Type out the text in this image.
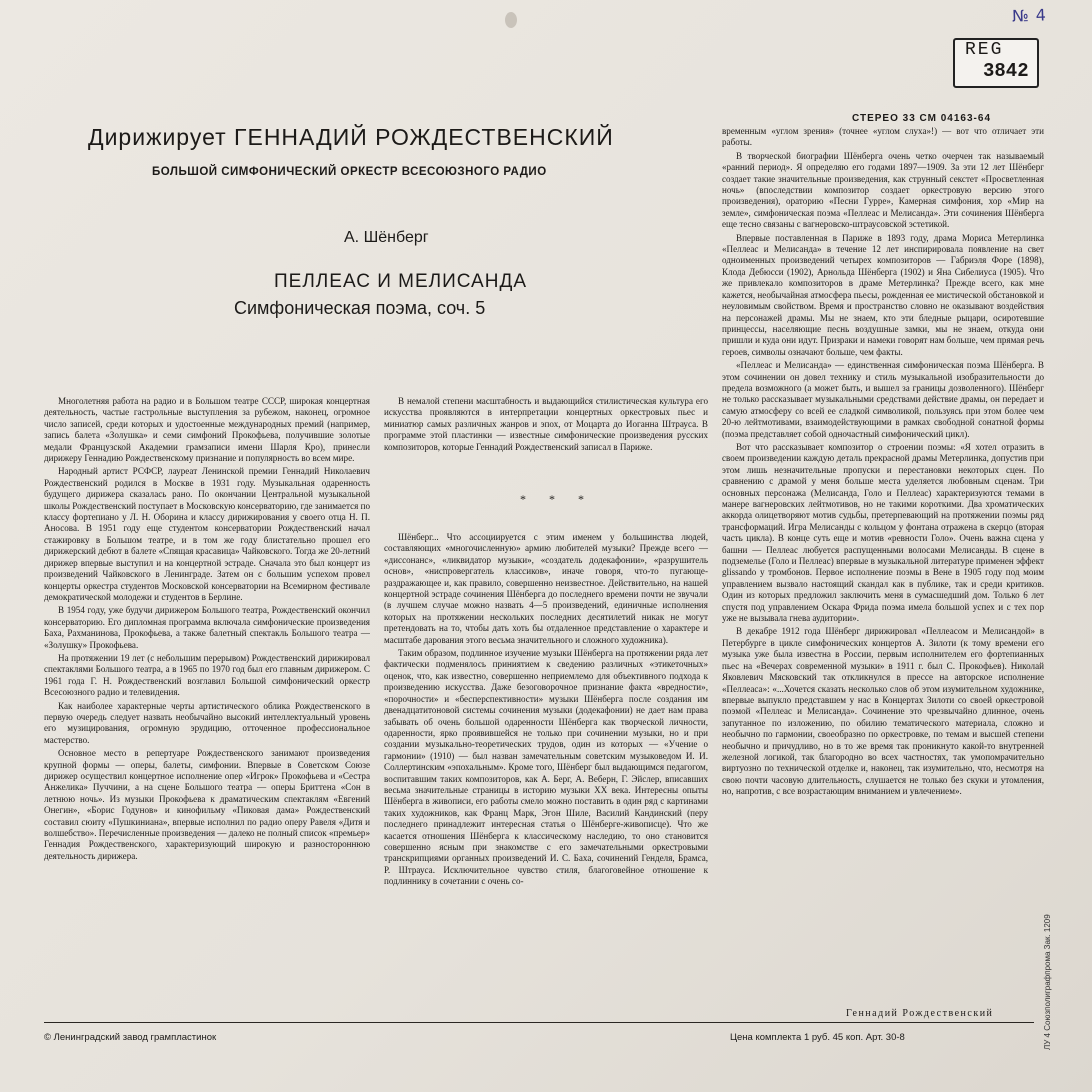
№ 4
REG
3842
СТЕРЕО 33 СМ 04163-64
Дирижирует ГЕННАДИЙ РОЖДЕСТВЕНСКИЙ
БОЛЬШОЙ СИМФОНИЧЕСКИЙ ОРКЕСТР ВСЕСОЮЗНОГО РАДИО
А. Шёнберг
ПЕЛЛЕАС И МЕЛИСАНДА
Симфоническая поэма, соч. 5

Многолетняя работа на радио и в Большом театре СССР, широкая концертная деятельность, частые гастрольные выступления за рубежом, наконец, огромное число записей, среди которых и удостоенные международных премий (например, запись балета «Золушка» и семи симфоний Прокофьева, получившие золотые медали Французской Академии грамзаписи имени Шарля Кро), принесли дирижеру Геннадию Рождественскому признание и популярность во всем мире.

Народный артист РСФСР, лауреат Ленинской премии Геннадий Николаевич Рождественский родился в Москве в 1931 году. Музыкальная одаренность будущего дирижера сказалась рано. По окончании Центральной музыкальной школы Рождественский поступает в Московскую консерваторию, где занимается по классу фортепиано у Л. Н. Оборина и классу дирижирования у своего отца Н. П. Аносова. В 1951 году еще студентом консерватории Рождественский начал стажировку в Большом театре, и в том же году блистательно прошел его дирижерский дебют в балете «Спящая красавица» Чайковского. Тогда же 20-летний дирижер впервые выступил и на концертной эстраде. Сначала это был концерт из произведений Чайковского в Ленинграде. Затем он с большим успехом провел концерты оркестра студентов Московской консерватории на Всемирном фестивале демократической молодежи и студентов в Берлине.

В 1954 году, уже будучи дирижером Большого театра, Рождественский окончил консерваторию. Его дипломная программа включала симфонические произведения Баха, Рахманинова, Прокофьева, а также балетный спектакль Большого театра — «Золушку» Прокофьева.

На протяжении 19 лет (с небольшим перерывом) Рождественский дирижировал спектаклями Большого театра, а в 1965 по 1970 год был его главным дирижером. С 1961 года Г. Н. Рождественский возглавил Большой симфонический оркестр Всесоюзного радио и телевидения.

Как наиболее характерные черты артистического облика Рождественского в первую очередь следует назвать необычайно высокий интеллектуальный уровень его музицирования, огромную эрудицию, отточенное профессиональное мастерство.

Основное место в репертуаре Рождественского занимают произведения крупной формы — оперы, балеты, симфонии. Впервые в Советском Союзе дирижер осуществил концертное исполнение опер «Игрок» Прокофьева и «Сестра Анжелика» Пуччини, а на сцене Большого театра — оперы Бриттена «Сон в летнюю ночь». Из музыки Прокофьева к драматическим спектаклям «Евгений Онегин», «Борис Годунов» и кинофильму «Пиковая дама» Рождественский составил сюиту «Пушкиниана», впервые исполнил по радио оперу Равеля «Дитя и волшебство». Перечисленные произведения — далеко не полный список «премьер» Геннадия Рождественского, характеризующий широкую и разностороннюю деятельность дирижера.

В немалой степени масштабность и выдающийся стилистическая культура его искусства проявляются в интерпретации концертных оркестровых пьес и миниатюр самых различных жанров и эпох, от Моцарта до Иоганна Штрауса. В программе этой пластинки — известные симфонические произведения русских композиторов, которые Геннадий Рождественский записал в Париже.

* * *

Шёнберг... Что ассоциируется с этим именем у большинства людей, составляющих «многочисленную» армию любителей музыки? Прежде всего — «диссонанс», «ликвидатор музыки», «создатель додекафонии», «разрушитель основ», «ниспровергатель классиков», иначе говоря, что-то пугающе-раздражающее и, как правило, совершенно неизвестное. Действительно, на нашей концертной эстраде сочинения Шёнберга до последнего времени почти не звучали (в лучшем случае можно назвать 4—5 произведений, единичные исполнения которых на протяжении нескольких последних десятилетий никак не могут претендовать на то, чтобы дать хоть бы отдаленное представление о характере и масштабе дарования этого весьма значительного и сложного художника).

Таким образом, подлинное изучение музыки Шёнберга на протяжении ряда лет фактически подменялось приниятием к сведению различных «этикеточных» оценок, что, как известно, совершенно неприемлемо для объективного подхода к произведению искусства. Даже безоговорочное признание факта «вредности», «порочности» и «бесперспективности» музыки Шёнберга после создания им двенадцатитоновой системы сочинения музыки (додекафонии) не дает нам права забывать об очень большой одаренности Шёнберга как творческой личности, одаренности, ярко проявившейся не только при сочинении музыки, но и при создании музыкально-теоретических трудов, один из которых — «Учение о гармонии» (1910) — был назван замечательным советским музыковедом И. И. Соллертинским «эпохальным». Кроме того, Шёнберг был выдающимся педагогом, воспитавшим таких композиторов, как А. Берг, А. Веберн, Г. Эйслер, вписавших весьма значительные страницы в историю музыки XX века. Интересны опыты Шёнберга в живописи, его работы смело можно поставить в один ряд с картинами таких художников, как Франц Марк, Эгон Шиле, Василий Кандинский (перу последнего принадлежит интересная статья о Шёнберге-живописце). Что же касается отношения Шёнберга к классическому наследию, то оно становится совершенно ясным при знакомстве с его замечательными оркестровыми транскрипциями органных произведений И. С. Баха, сочинений Генделя, Брамса, Р. Штрауса. Исключительное чувство стиля, благоговейное отношение к подлиннику в сочетании с очень со-

временным «углом зрения» (точнее «углом слуха»!) — вот что отличает эти работы.

В творческой биографии Шёнберга очень четко очерчен так называемый «ранний период». Я определяю его годами 1897—1909. За эти 12 лет Шёнберг создает такие значительные произведения, как струнный секстет «Просветленная ночь» (впоследствии композитор создает оркестровую версию этого произведения), ораторию «Песни Гурре», Камерная симфония, хор «Мир на земле», симфоническая поэма «Пеллеас и Мелисанда». Эти сочинения Шёнберга еще тесно связаны с вагнеровско-штраусовской эстетикой.

Впервые поставленная в Париже в 1893 году, драма Мориса Метерлинка «Пеллеас и Мелисанда» в течение 12 лет инспирировала появление на свет одноименных произведений четырех композиторов — Габриэля Форе (1898), Клода Дебюсси (1902), Арнольда Шёнберга (1902) и Яна Сибелиуса (1905). Что же привлекало композиторов в драме Метерлинка? Прежде всего, как мне кажется, необычайная атмосфера пьесы, рожденная ее мистической обстановкой и неуловимым свойством. Время и пространство словно не оказывают воздействия на персонажей драмы. Мы не знаем, кто эти бледные рыцари, осиротевшие принцессы, населяющие песнь воздушные замки, мы не знаем, откуда они пришли и куда они идут. Призраки и намеки говорят нам больше, чем прямая речь героев, символы означают больше, чем факты.

«Пеллеас и Мелисанда» — единственная симфоническая поэма Шёнберга. В этом сочинении он довел технику и стиль музыкальной изобразительности до предела возможного (а может быть, и вышел за границы дозволенного). Шёнберг не только рассказывает музыкальными средствами действие драмы, он передает и самую атмосферу со всей ее сладкой символикой, пользуясь при этом более чем 20-ю лейтмотивами, взаимодействующими в рамках свободной сонатной формы (поэма представляет собой одночастный симфонический цикл).

Вот что рассказывает композитор о строении поэмы: «Я хотел отразить в своем произведении каждую деталь прекрасной драмы Метерлинка, допустив при этом лишь незначительные пропуски и перестановки некоторых сцен. По сравнению с драмой у меня больше места уделяется любовным сценам. Три основных персонажа (Мелисанда, Голо и Пеллеас) характеризуются темами в манере вагнеровских лейтмотивов, но не такими короткими. Два хроматических аккорда олицетворяют мотив судьбы, претерпевающий на протяжении поэмы ряд трансформаций. Игра Мелисанды с кольцом у фонтана отражена в скерцо (вторая часть цикла). В конце суть еще и мотив «ревности Голо». Очень важна сцена у башни — Пеллеас любуется распущенными волосами Мелисанды. В сцене в подземелье (Голо и Пеллеас) впервые в музыкальной литературе применен эффект glissando у тромбонов. Первое исполнение поэмы в Вене в 1905 году под моим управлением вызвало настоящий скандал как в публике, так и среди критиков. Один из которых предложил заключить меня в сумасшедший дом. Только 6 лет спустя под управлением Оскара Фрида поэма имела большой успех и с тех пор уже не вызывала гнева аудитории».

В декабре 1912 года Шёнберг дирижировал «Пеллеасом и Мелисандой» в Петербурге в цикле симфонических концертов А. Зилоти (к тому времени его музыка уже была известна в России, первым исполнителем его фортепианных пьес на «Вечерах современной музыки» в 1911 г. был С. Прокофьев). Николай Яковлевич Мясковский так откликнулся в прессе на авторское исполнение «Пеллеаса»: «...Хочется сказать несколько слов об этом изумительном художнике, впервые выпукло представшем у нас в Концертах Зилоти со своей оркестровой поэмой «Пеллеас и Мелисанда». Сочинение это чрезвычайно длинное, очень запутанное по изложению, по обилию тематического материала, сложно и необычно по гармонии, своеобразно по оркестровке, по темам и высшей степени необычно и причудливо, но в то же время так проникнуто какой-то внутренней железной логикой, так благородно во всех частностях, так умопомрачительно виртуозно по технической отделке и, наконец, так изумительно, что, несмотря на свою почти часовую длительность, слушается не только без скуки и утомления, но, напротив, с все возрастающим вниманием и увлечением».

Геннадий Рождественский
© Ленинградский завод грампластинок	Цена комплекта 1 руб. 45 коп. Арт. 30-8	ЛУ 4 Союзполиграфпрома Зак. 1209
